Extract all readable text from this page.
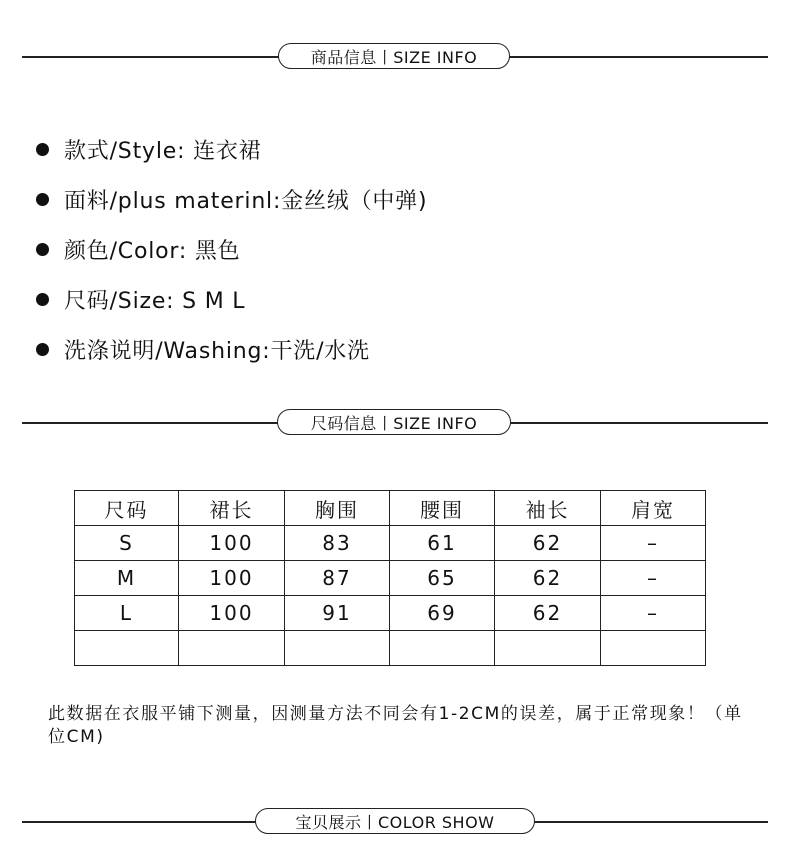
商品信息丨SIZE INFO
款式/Style: 连衣裙
面料/plus materinl:金丝绒（中弹)
颜色/Color: 黑色
尺码/Size: S M L
洗涤说明/Washing:干洗/水洗
尺码信息丨SIZE INFO
尺码	裙长	胸围	腰围	袖长	肩宽
S	100	83	61	62	–
M	100	87	65	62	–
L	100	91	69	62	–

此数据在衣服平铺下测量，因测量方法不同会有1-2CM的误差，属于正常现象！（单位CM)
宝贝展示丨COLOR SHOW
